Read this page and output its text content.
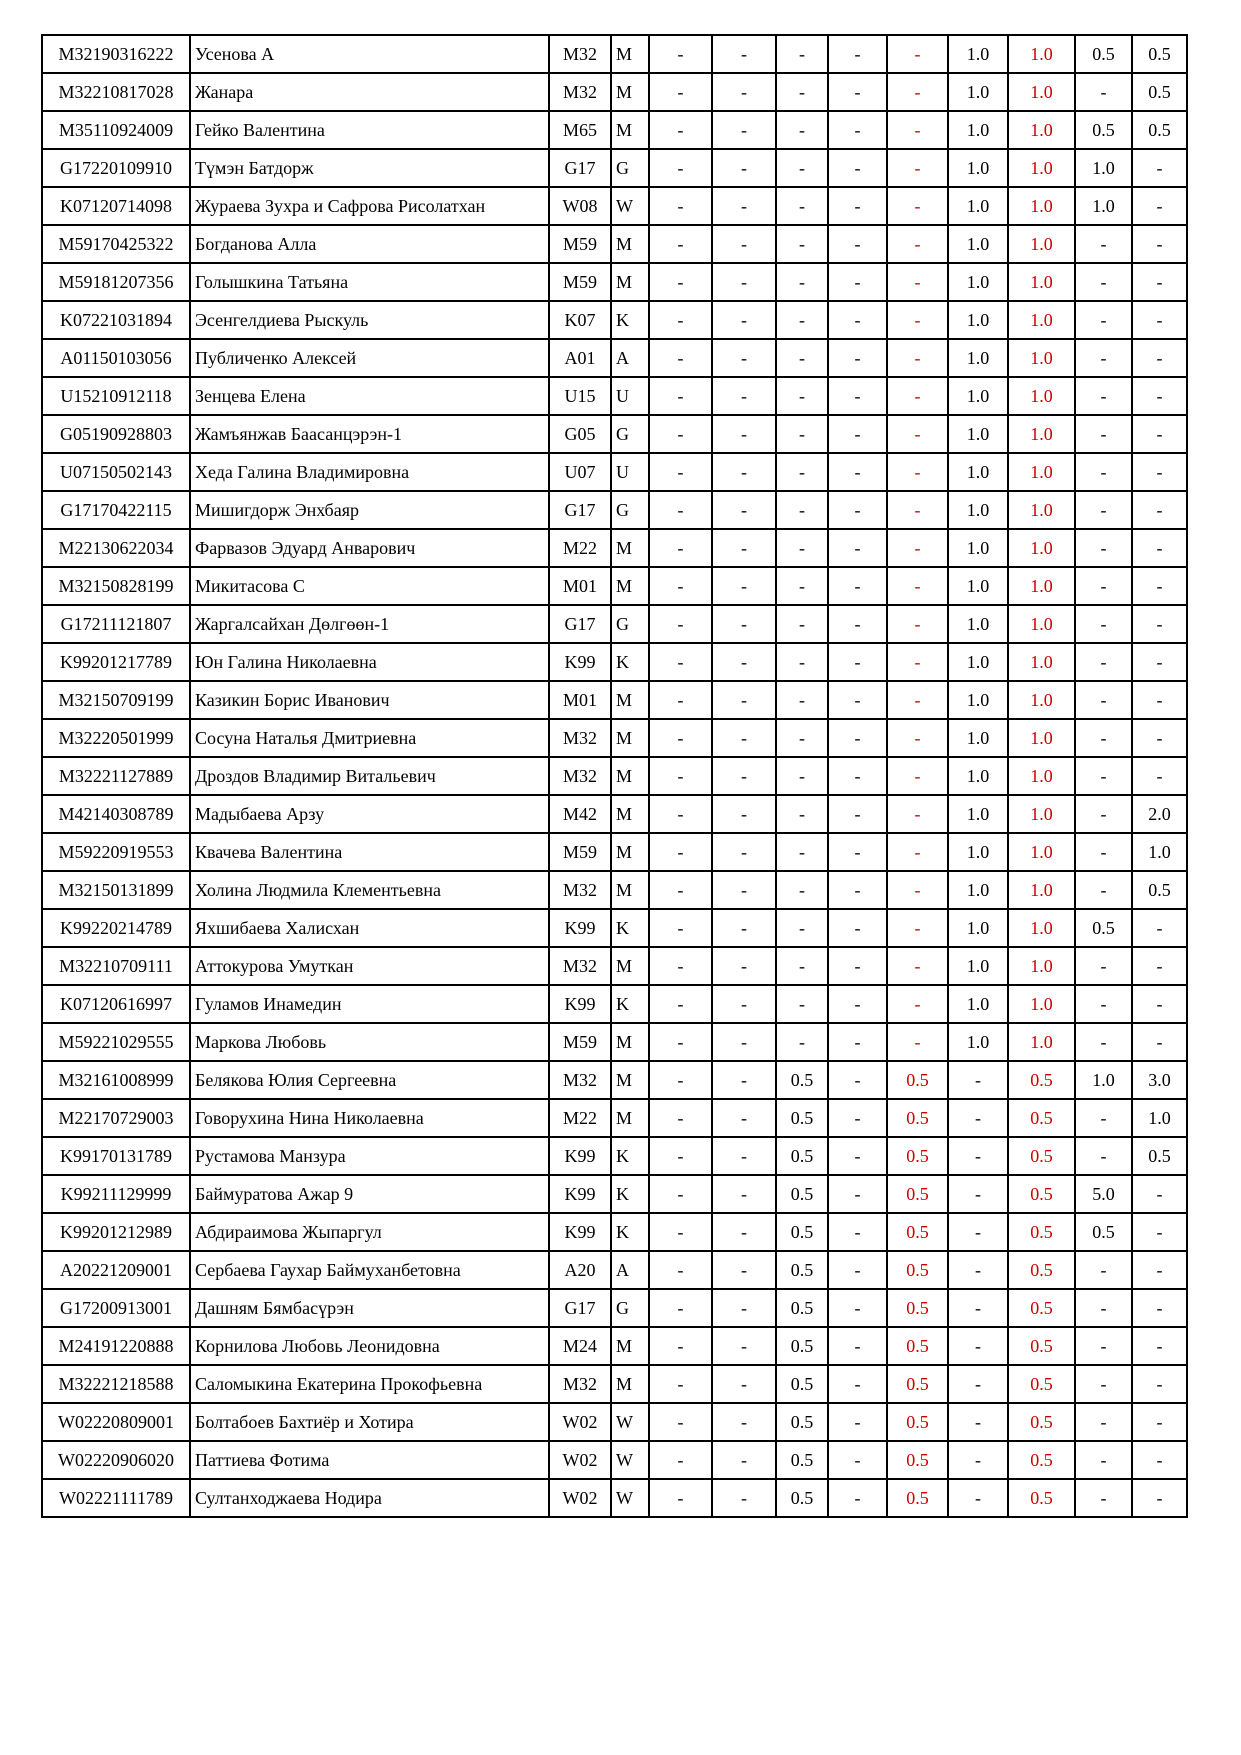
M32190316222	Усенова А	M32	M	-	-	-	-	-	1.0	1.0	0.5	0.5
M32210817028	Жанара	M32	M	-	-	-	-	-	1.0	1.0	-	0.5
M35110924009	Гейко Валентина	M65	M	-	-	-	-	-	1.0	1.0	0.5	0.5
G17220109910	Түмэн Батдорж	G17	G	-	-	-	-	-	1.0	1.0	1.0	-
K07120714098	Жураева Зухра и Сафрова Рисолатхан	W08	W	-	-	-	-	-	1.0	1.0	1.0	-
M59170425322	Богданова Алла	M59	M	-	-	-	-	-	1.0	1.0	-	-
M59181207356	Голышкина Татьяна	M59	M	-	-	-	-	-	1.0	1.0	-	-
K07221031894	Эсенгелдиева Рыскуль	K07	K	-	-	-	-	-	1.0	1.0	-	-
A01150103056	Публиченко Алексей	A01	A	-	-	-	-	-	1.0	1.0	-	-
U15210912118	Зенцева Елена	U15	U	-	-	-	-	-	1.0	1.0	-	-
G05190928803	Жамъянжав Баасанцэрэн-1	G05	G	-	-	-	-	-	1.0	1.0	-	-
U07150502143	Хеда Галина Владимировна	U07	U	-	-	-	-	-	1.0	1.0	-	-
G17170422115	Мишигдорж Энхбаяр	G17	G	-	-	-	-	-	1.0	1.0	-	-
M22130622034	Фарвазов Эдуард Анварович	M22	M	-	-	-	-	-	1.0	1.0	-	-
M32150828199	Микитасова С	M01	M	-	-	-	-	-	1.0	1.0	-	-
G17211121807	Жаргалсайхан Дөлгөөн-1	G17	G	-	-	-	-	-	1.0	1.0	-	-
K99201217789	Юн Галина Николаевна	K99	K	-	-	-	-	-	1.0	1.0	-	-
M32150709199	Казикин Борис Иванович	M01	M	-	-	-	-	-	1.0	1.0	-	-
M32220501999	Сосуна Наталья Дмитриевна	M32	M	-	-	-	-	-	1.0	1.0	-	-
M32221127889	Дроздов Владимир Витальевич	M32	M	-	-	-	-	-	1.0	1.0	-	-
M42140308789	Мадыбаева Арзу	M42	M	-	-	-	-	-	1.0	1.0	-	2.0
M59220919553	Квачева Валентина	M59	M	-	-	-	-	-	1.0	1.0	-	1.0
M32150131899	Холина Людмила Клементьевна	M32	M	-	-	-	-	-	1.0	1.0	-	0.5
K99220214789	Яхшибаева Халисхан	K99	K	-	-	-	-	-	1.0	1.0	0.5	-
M32210709111	Аттокурова Умуткан	M32	M	-	-	-	-	-	1.0	1.0	-	-
K07120616997	Гуламов Инамедин	K99	K	-	-	-	-	-	1.0	1.0	-	-
M59221029555	Маркова Любовь	M59	M	-	-	-	-	-	1.0	1.0	-	-
M32161008999	Белякова Юлия Сергеевна	M32	M	-	-	0.5	-	0.5	-	0.5	1.0	3.0
M22170729003	Говорухина Нина Николаевна	M22	M	-	-	0.5	-	0.5	-	0.5	-	1.0
K99170131789	Рустамова Манзура	K99	K	-	-	0.5	-	0.5	-	0.5	-	0.5
K99211129999	Баймуратова Ажар 9	K99	K	-	-	0.5	-	0.5	-	0.5	5.0	-
K99201212989	Абдираимова Жыпаргул	K99	K	-	-	0.5	-	0.5	-	0.5	0.5	-
A20221209001	Сербаева Гаухар Баймуханбетовна	A20	A	-	-	0.5	-	0.5	-	0.5	-	-
G17200913001	Дашням Бямбасүрэн	G17	G	-	-	0.5	-	0.5	-	0.5	-	-
M24191220888	Корнилова Любовь Леонидовна	M24	M	-	-	0.5	-	0.5	-	0.5	-	-
M32221218588	Саломыкина Екатерина Прокофьевна	M32	M	-	-	0.5	-	0.5	-	0.5	-	-
W02220809001	Болтабоев Бахтиёр и Хотира	W02	W	-	-	0.5	-	0.5	-	0.5	-	-
W02220906020	Паттиева Фотима	W02	W	-	-	0.5	-	0.5	-	0.5	-	-
W02221111789	Султанходжаева Нодира	W02	W	-	-	0.5	-	0.5	-	0.5	-	-
